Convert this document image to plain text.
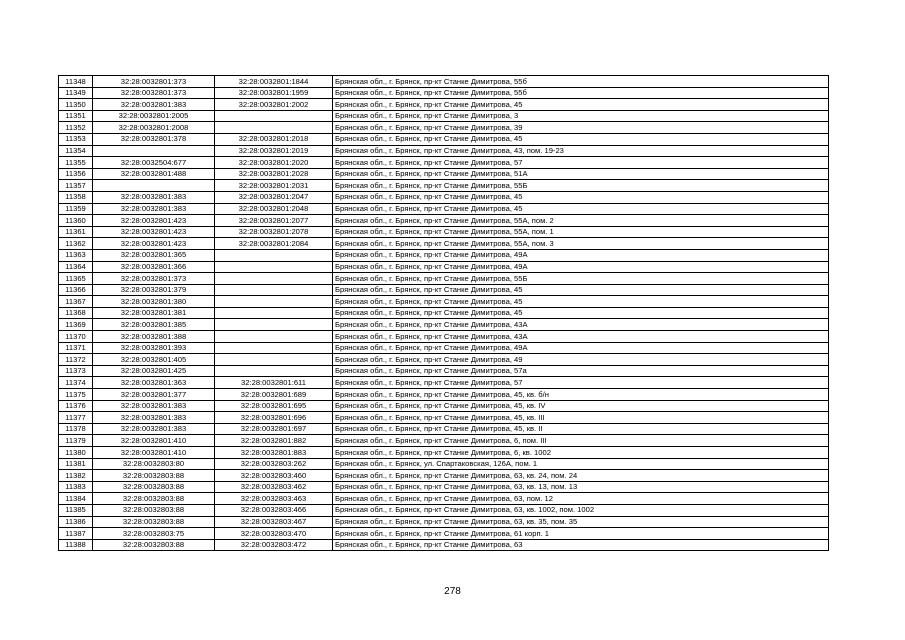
11348	32:28:0032801:373	32:28:0032801:1844	Брянская обл., г. Брянск, пр-кт Станке Димитрова, 55б
11349	32:28:0032801:373	32:28:0032801:1959	Брянская обл., г. Брянск, пр-кт Станке Димитрова, 55б
11350	32:28:0032801:383	32:28:0032801:2002	Брянская обл., г. Брянск, пр-кт Станке Димитрова, 45
11351	32:28:0032801:2005		Брянская обл., г. Брянск, пр-кт Станке Димитрова, 3
11352	32:28:0032801:2008		Брянская обл., г. Брянск, пр-кт Станке Димитрова, 39
11353	32:28:0032801:378	32:28:0032801:2018	Брянская обл., г. Брянск, пр-кт Станке Димитрова, 45
11354		32:28:0032801:2019	Брянская обл., г. Брянск, пр-кт Станке Димитрова, 43, пом. 19-23
11355	32:28:0032504:677	32:28:0032801:2020	Брянская обл., г. Брянск, пр-кт Станке Димитрова, 57
11356	32:28:0032801:488	32:28:0032801:2028	Брянская обл., г. Брянск, пр-кт Станке Димитрова, 51А
11357		32:28:0032801:2031	Брянская обл., г. Брянск, пр-кт Станке Димитрова, 55Б
11358	32:28:0032801:383	32:28:0032801:2047	Брянская обл., г. Брянск, пр-кт Станке Димитрова, 45
11359	32:28:0032801:383	32:28:0032801:2048	Брянская обл., г. Брянск, пр-кт Станке Димитрова, 45
11360	32:28:0032801:423	32:28:0032801:2077	Брянская обл., г. Брянск, пр-кт Станке Димитрова, 55А, пом. 2
11361	32:28:0032801:423	32:28:0032801:2078	Брянская обл., г. Брянск, пр-кт Станке Димитрова, 55А, пом. 1
11362	32:28:0032801:423	32:28:0032801:2084	Брянская обл., г. Брянск, пр-кт Станке Димитрова, 55А, пом. 3
11363	32:28:0032801:365		Брянская обл., г. Брянск, пр-кт Станке Димитрова, 49А
11364	32:28:0032801:366		Брянская обл., г. Брянск, пр-кт Станке Димитрова, 49А
11365	32:28:0032801:373		Брянская обл., г. Брянск, пр-кт Станке Димитрова, 55Б
11366	32:28:0032801:379		Брянская обл., г. Брянск, пр-кт Станке Димитрова, 45
11367	32:28:0032801:380		Брянская обл., г. Брянск, пр-кт Станке Димитрова, 45
11368	32:28:0032801:381		Брянская обл., г. Брянск, пр-кт Станке Димитрова, 45
11369	32:28:0032801:385		Брянская обл., г. Брянск, пр-кт Станке Димитрова, 43А
11370	32:28:0032801:388		Брянская обл., г. Брянск, пр-кт Станке Димитрова, 43А
11371	32:28:0032801:393		Брянская обл., г. Брянск, пр-кт Станке Димитрова, 49А
11372	32:28:0032801:405		Брянская обл., г. Брянск, пр-кт Станке Димитрова, 49
11373	32:28:0032801:425		Брянская обл., г. Брянск, пр-кт Станке Димитрова, 57а
11374	32:28:0032801:363	32:28:0032801:611	Брянская обл., г. Брянск, пр-кт Станке Димитрова, 57
11375	32:28:0032801:377	32:28:0032801:689	Брянская обл., г. Брянск, пр-кт Станке Димитрова, 45, кв. б/н
11376	32:28:0032801:383	32:28:0032801:695	Брянская обл., г. Брянск, пр-кт Станке Димитрова, 45, кв. IV
11377	32:28:0032801:383	32:28:0032801:696	Брянская обл., г. Брянск, пр-кт Станке Димитрова, 45, кв. III
11378	32:28:0032801:383	32:28:0032801:697	Брянская обл., г. Брянск, пр-кт Станке Димитрова, 45, кв. II
11379	32:28:0032801:410	32:28:0032801:882	Брянская обл., г. Брянск, пр-кт Станке Димитрова, 6, пом. III
11380	32:28:0032801:410	32:28:0032801:883	Брянская обл., г. Брянск, пр-кт Станке Димитрова, 6, кв. 1002
11381	32:28:0032803:80	32:28:0032803:262	Брянская обл., г. Брянск, ул. Спартаковская, 126А, пом. 1
11382	32:28:0032803:88	32:28:0032803:460	Брянская обл., г. Брянск, пр-кт Станке Димитрова, 63, кв. 24, пом. 24
11383	32:28:0032803:88	32:28:0032803:462	Брянская обл., г. Брянск, пр-кт Станке Димитрова, 63, кв. 13, пом. 13
11384	32:28:0032803:88	32:28:0032803:463	Брянская обл., г. Брянск, пр-кт Станке Димитрова, 63, пом. 12
11385	32:28:0032803:88	32:28:0032803:466	Брянская обл., г. Брянск, пр-кт Станке Димитрова, 63, кв. 1002, пом. 1002
11386	32:28:0032803:88	32:28:0032803:467	Брянская обл., г. Брянск, пр-кт Станке Димитрова, 63, кв. 35, пом. 35
11387	32:28:0032803:75	32:28:0032803:470	Брянская обл., г. Брянск, пр-кт Станке Димитрова, 61 корп. 1
11388	32:28:0032803:88	32:28:0032803:472	Брянская обл., г. Брянск, пр-кт Станке Димитрова, 63
278
